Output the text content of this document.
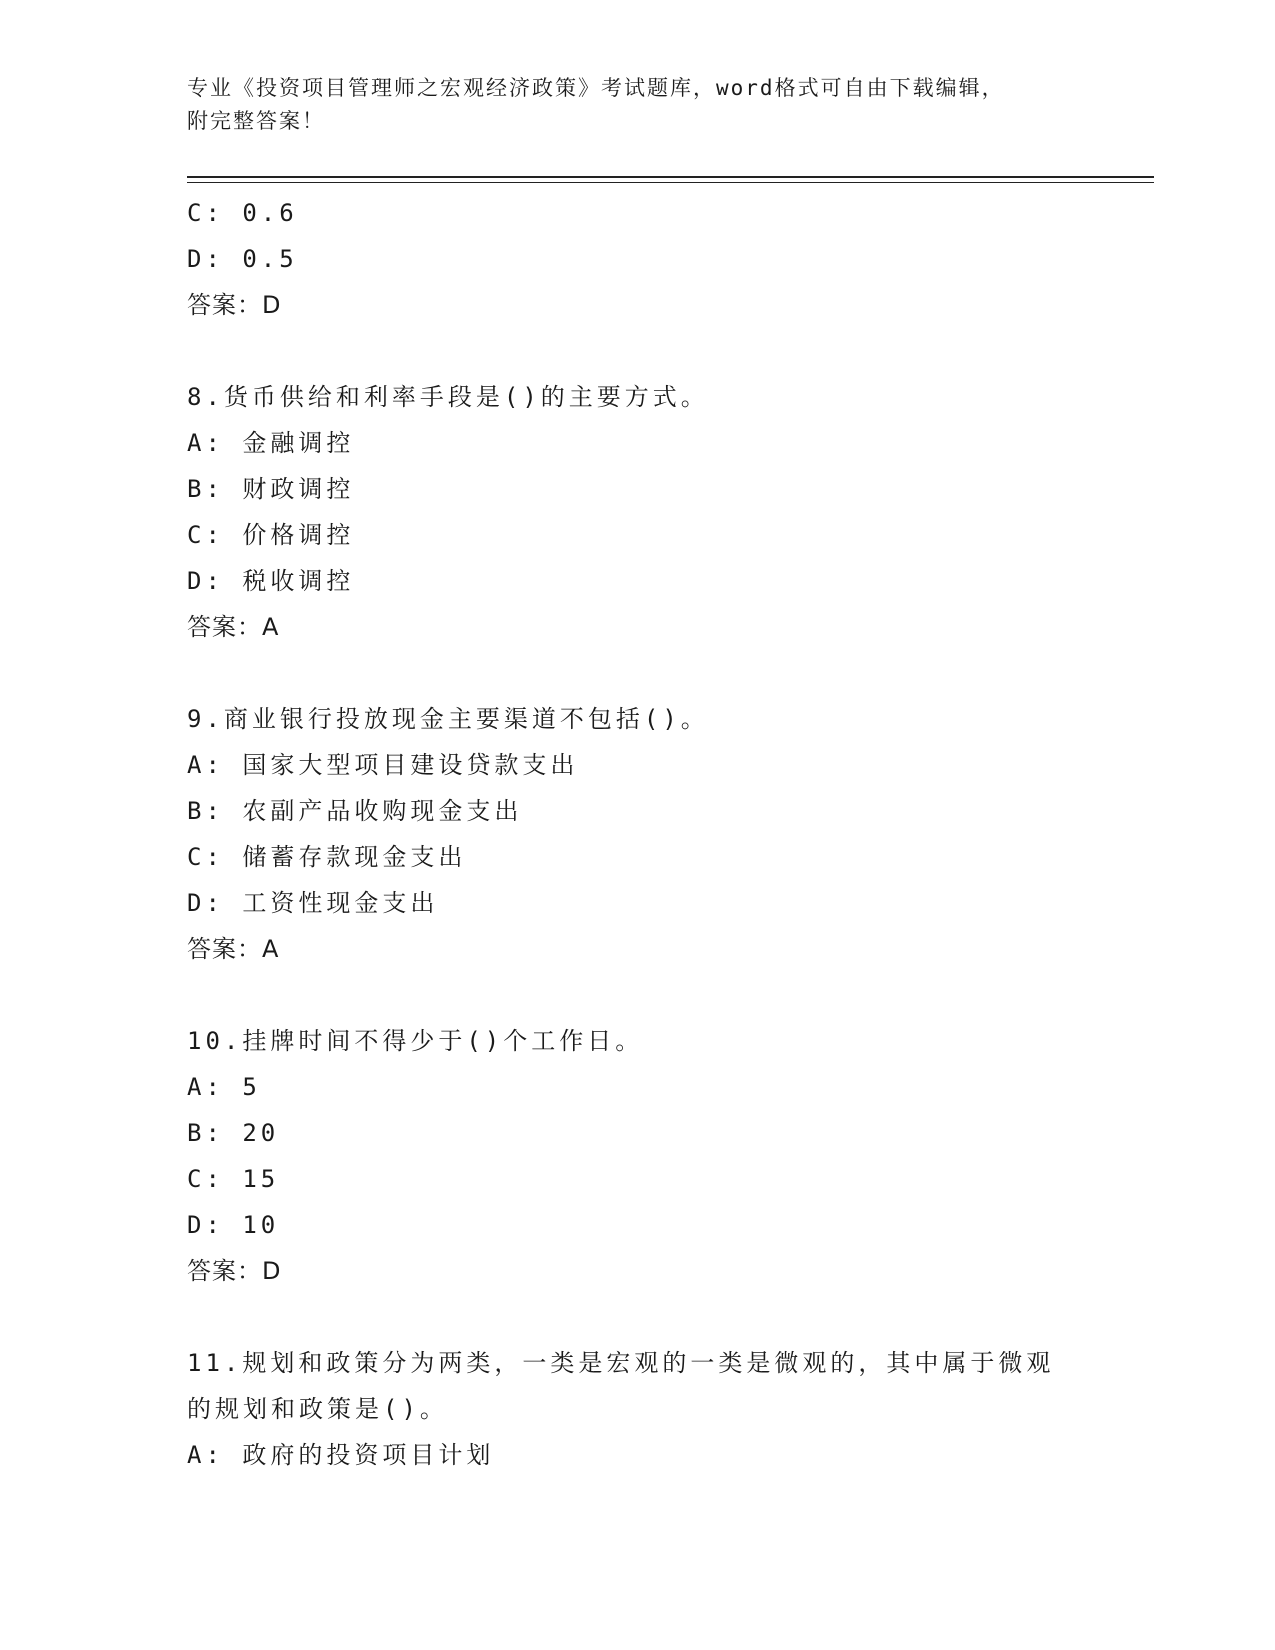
专业《投资项目管理师之宏观经济政策》考试题库，word格式可自由下载编辑，
附完整答案！
C: 0.6
D: 0.5
答案：D
8.货币供给和利率手段是()的主要方式。
A: 金融调控
B: 财政调控
C: 价格调控
D: 税收调控
答案：A
9.商业银行投放现金主要渠道不包括()。
A: 国家大型项目建设贷款支出
B: 农副产品收购现金支出
C: 储蓄存款现金支出
D: 工资性现金支出
答案：A
10.挂牌时间不得少于()个工作日。
A: 5
B: 20
C: 15
D: 10
答案：D
11.规划和政策分为两类，一类是宏观的一类是微观的，其中属于微观
的规划和政策是()。
A: 政府的投资项目计划
